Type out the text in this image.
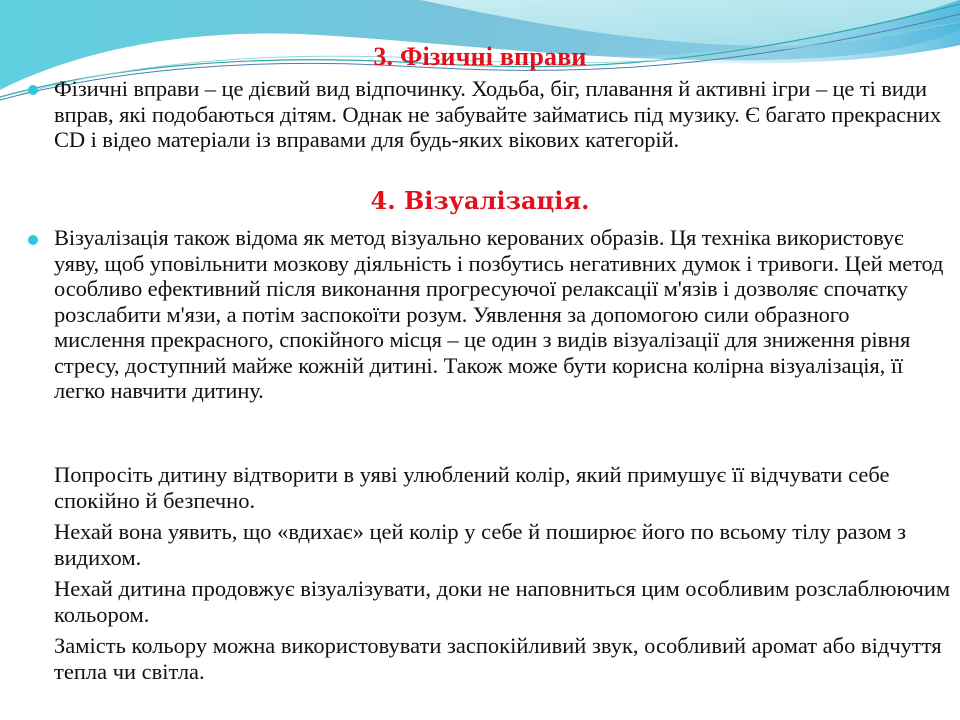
3. Фізичні вправи
Фізичні вправи – це дієвий вид відпочинку. Ходьба, біг, плавання й активні ігри – це ті види вправ, які подобаються дітям. Однак не забувайте займатись під музику. Є багато прекрасних CD і відео матеріали із вправами для будь-яких вікових категорій.
4. Візуалізація.
Візуалізація також відома як метод візуально керованих образів. Ця техніка використовує уяву, щоб уповільнити мозкову діяльність і позбутись негативних думок і тривоги. Цей метод особливо ефективний після виконання прогресуючої релаксації м'язів і дозволяє спочатку розслабити м'язи, а потім заспокоїти розум. Уявлення за допомогою сили образного мислення прекрасного, спокійного місця – це один з видів візуалізації для зниження рівня стресу, доступний майже кожній дитині. Також може бути корисна колірна візуалізація, її легко навчити дитину.
Попросіть дитину відтворити в уяві улюблений колір, який примушує її відчувати себе спокійно й безпечно.
Нехай вона уявить, що «вдихає» цей колір у себе й поширює його по всьому тілу разом з видихом.
Нехай дитина продовжує візуалізувати, доки не наповниться цим особливим розслаблюючим кольором.
Замість кольору можна використовувати заспокійливий звук, особливий аромат або відчуття тепла чи світла.
